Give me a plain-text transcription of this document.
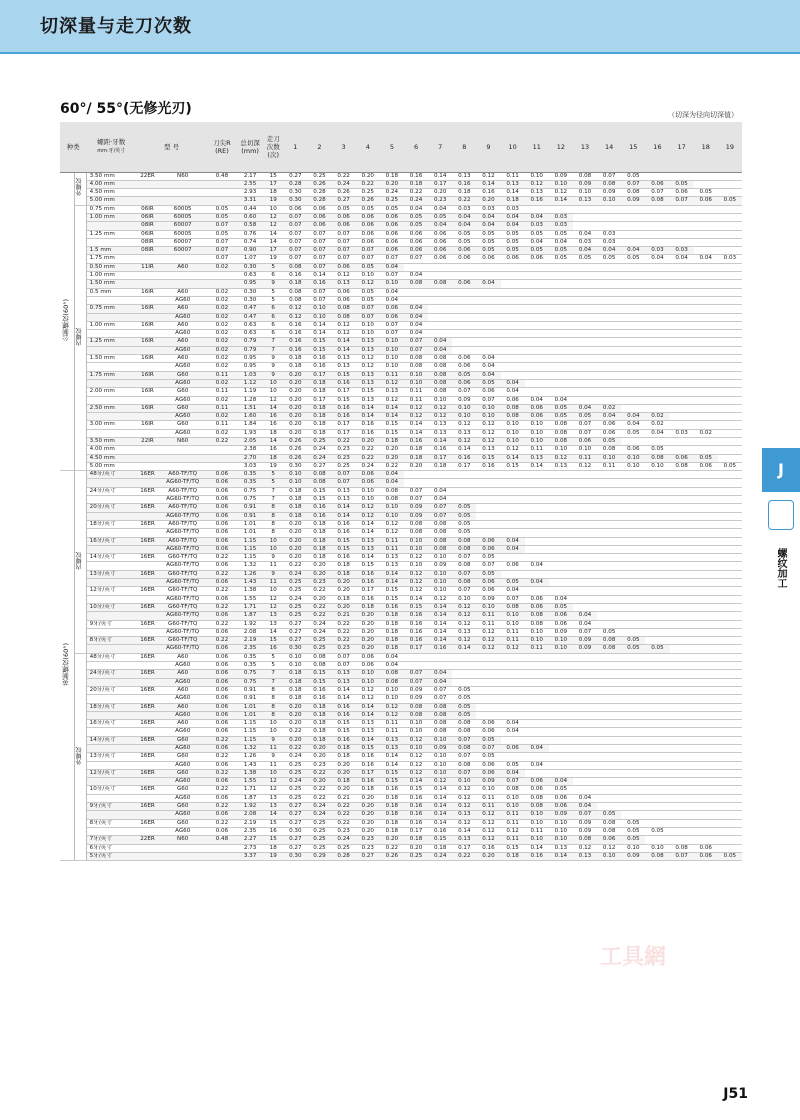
切深量与走刀次数
60°/ 55°(无修光刃)	（切深为径向切深值）
种类		螺距·牙数
mm·牙/英寸	型 号		刀尖R (RE)	总切深 (mm)	走刀次数 (次)	1	2	3	4	5	6	7	8	9	10	11	12	13	14	15	16	17	18	19
公制螺纹(60°)	外螺纹	3.50 mm	22ER	N60	0.48	2.17	15	0.27	0.25	0.22	0.20	0.18	0.16	0.14	0.13	0.12	0.11	0.10	0.09	0.08	0.07	0.05				
		4.00 mm				2.55	17	0.28	0.26	0.24	0.22	0.20	0.18	0.17	0.16	0.14	0.13	0.12	0.10	0.09	0.08	0.07	0.06	0.05		
		4.50 mm				2.93	18	0.30	0.28	0.26	0.25	0.24	0.22	0.20	0.18	0.16	0.14	0.13	0.12	0.10	0.09	0.08	0.07	0.06	0.05	
		5.00 mm				3.31	19	0.30	0.28	0.27	0.26	0.25	0.24	0.23	0.22	0.20	0.18	0.16	0.14	0.13	0.10	0.09	0.08	0.07	0.06	0.05
	内螺纹	0.75 mm	06IR	60005	0.05	0.44	10	0.06	0.06	0.05	0.05	0.05	0.04	0.04	0.03	0.03	0.03									
		1.00 mm	06IR	60005	0.05	0.60	12	0.07	0.06	0.06	0.06	0.06	0.05	0.05	0.04	0.04	0.04	0.04	0.03							
			08IR	60007	0.07	0.58	12	0.07	0.06	0.06	0.06	0.06	0.05	0.04	0.04	0.04	0.04	0.03	0.03							
		1.25 mm	06IR	60005	0.05	0.76	14	0.07	0.07	0.07	0.06	0.06	0.06	0.06	0.05	0.05	0.05	0.05	0.05	0.04	0.03					
			08IR	60007	0.07	0.74	14	0.07	0.07	0.07	0.06	0.06	0.06	0.06	0.05	0.05	0.05	0.04	0.04	0.03	0.03					
		1.5 mm	08IR	60007	0.07	0.90	17	0.07	0.07	0.07	0.07	0.06	0.06	0.06	0.06	0.05	0.05	0.05	0.05	0.04	0.04	0.04	0.03	0.03		
		1.75 mm			0.07	1.07	19	0.07	0.07	0.07	0.07	0.07	0.07	0.06	0.06	0.06	0.06	0.06	0.05	0.05	0.05	0.05	0.04	0.04	0.04	0.03
		0.50 mm	11IR	A60	0.02	0.30	5	0.08	0.07	0.06	0.05	0.04														
		1.00 mm				0.63	6	0.16	0.14	0.12	0.10	0.07	0.04													
		1.50 mm				0.95	9	0.18	0.16	0.13	0.12	0.10	0.08	0.08	0.06	0.04										
		0.5 mm	16IR	A60	0.02	0.30	5	0.08	0.07	0.06	0.05	0.04														
				AG60	0.02	0.30	5	0.08	0.07	0.06	0.05	0.04														
		0.75 mm	16IR	A60	0.02	0.47	6	0.12	0.10	0.08	0.07	0.06	0.04													
				AG60	0.02	0.47	6	0.12	0.10	0.08	0.07	0.06	0.04													
		1.00 mm	16IR	A60	0.02	0.63	6	0.16	0.14	0.12	0.10	0.07	0.04													
				AG60	0.02	0.63	6	0.16	0.14	0.12	0.10	0.07	0.04													
		1.25 mm	16IR	A60	0.02	0.79	7	0.16	0.15	0.14	0.13	0.10	0.07	0.04												
				AG60	0.02	0.79	7	0.16	0.15	0.14	0.13	0.10	0.07	0.04												
		1.50 mm	16IR	A60	0.02	0.95	9	0.18	0.16	0.13	0.12	0.10	0.08	0.08	0.06	0.04										
				AG60	0.02	0.95	9	0.18	0.16	0.13	0.12	0.10	0.08	0.08	0.06	0.04										
		1.75 mm	16IR	G60	0.11	1.03	9	0.20	0.17	0.15	0.13	0.11	0.10	0.08	0.05	0.04										
				AG60	0.02	1.12	10	0.20	0.18	0.16	0.13	0.12	0.10	0.08	0.06	0.05	0.04									
		2.00 mm	16IR	G60	0.11	1.19	10	0.20	0.18	0.17	0.15	0.13	0.11	0.08	0.07	0.06	0.04									
				AG60	0.02	1.28	12	0.20	0.17	0.15	0.13	0.12	0.11	0.10	0.09	0.07	0.06	0.04	0.04							
		2.50 mm	16IR	G60	0.11	1.51	14	0.20	0.18	0.16	0.14	0.14	0.12	0.12	0.10	0.10	0.08	0.06	0.05	0.04	0.02					
				AG60	0.02	1.60	16	0.20	0.18	0.16	0.14	0.14	0.12	0.12	0.10	0.10	0.08	0.06	0.05	0.05	0.04	0.04	0.02			
		3.00 mm	16IR	G60	0.11	1.84	16	0.20	0.18	0.17	0.16	0.15	0.14	0.13	0.12	0.12	0.10	0.10	0.08	0.07	0.06	0.04	0.02			
				AG60	0.02	1.93	18	0.20	0.18	0.17	0.16	0.15	0.14	0.13	0.13	0.12	0.10	0.10	0.08	0.07	0.06	0.05	0.04	0.03	0.02	
		3.50 mm	22IR	N60	0.22	2.05	14	0.26	0.25	0.22	0.20	0.18	0.16	0.14	0.12	0.12	0.10	0.10	0.08	0.06	0.05					
		4.00 mm				2.38	16	0.26	0.24	0.23	0.22	0.20	0.18	0.16	0.14	0.13	0.12	0.11	0.10	0.10	0.08	0.06	0.05			
		4.50 mm				2.70	18	0.26	0.24	0.23	0.22	0.20	0.18	0.17	0.16	0.15	0.14	0.13	0.12	0.11	0.10	0.10	0.08	0.06	0.05	
		5.00 mm				3.03	19	0.30	0.27	0.25	0.24	0.22	0.20	0.18	0.17	0.16	0.15	0.14	0.13	0.12	0.11	0.10	0.10	0.08	0.06	0.05
英制螺纹(60°)	内螺纹	48牙/英寸	16ER	A60-TF/TQ	0.06	0.35	5	0.10	0.08	0.07	0.06	0.04														
				AG60-TF/TQ	0.06	0.35	5	0.10	0.08	0.07	0.06	0.04														
		24牙/英寸	16ER	A60-TF/TQ	0.06	0.75	7	0.18	0.15	0.13	0.10	0.08	0.07	0.04												
				AG60-TF/TQ	0.06	0.75	7	0.18	0.15	0.13	0.10	0.08	0.07	0.04												
		20牙/英寸	16ER	A60-TF/TQ	0.06	0.91	8	0.18	0.16	0.14	0.12	0.10	0.09	0.07	0.05											
				AG60-TF/TQ	0.06	0.91	8	0.18	0.16	0.14	0.12	0.10	0.09	0.07	0.05											
		18牙/英寸	16ER	A60-TF/TQ	0.06	1.01	8	0.20	0.18	0.16	0.14	0.12	0.08	0.08	0.05											
				AG60-TF/TQ	0.06	1.01	8	0.20	0.18	0.16	0.14	0.12	0.08	0.08	0.05											
		16牙/英寸	16ER	A60-TF/TQ	0.06	1.15	10	0.20	0.18	0.15	0.13	0.11	0.10	0.08	0.08	0.06	0.04									
				AG60-TF/TQ	0.06	1.15	10	0.20	0.18	0.15	0.13	0.11	0.10	0.08	0.08	0.06	0.04									
		14牙/英寸	16ER	G60-TF/TQ	0.22	1.15	9	0.20	0.18	0.16	0.14	0.13	0.12	0.10	0.07	0.05										
				AG60-TF/TQ	0.06	1.32	11	0.22	0.20	0.18	0.15	0.13	0.10	0.09	0.08	0.07	0.06	0.04								
		13牙/英寸	16ER	G60-TF/TQ	0.22	1.26	9	0.24	0.20	0.18	0.16	0.14	0.12	0.10	0.07	0.05										
				AG60-TF/TQ	0.06	1.43	11	0.25	0.23	0.20	0.16	0.14	0.12	0.10	0.08	0.06	0.05	0.04								
		12牙/英寸	16ER	G60-TF/TQ	0.22	1.38	10	0.25	0.22	0.20	0.17	0.15	0.12	0.10	0.07	0.06	0.04									
				AG60-TF/TQ	0.06	1.55	12	0.24	0.20	0.18	0.16	0.15	0.14	0.12	0.10	0.09	0.07	0.06	0.04							
		10牙/英寸	16ER	G60-TF/TQ	0.22	1.71	12	0.25	0.22	0.20	0.18	0.16	0.15	0.14	0.12	0.10	0.08	0.06	0.05							
				AG60-TF/TQ	0.06	1.87	13	0.25	0.22	0.21	0.20	0.18	0.16	0.14	0.12	0.11	0.10	0.08	0.06	0.04						
		9牙/英寸	16ER	G60-TF/TQ	0.22	1.92	13	0.27	0.24	0.22	0.20	0.18	0.16	0.14	0.12	0.11	0.10	0.08	0.06	0.04						
				AG60-TF/TQ	0.06	2.08	14	0.27	0.24	0.22	0.20	0.18	0.16	0.14	0.13	0.12	0.11	0.10	0.09	0.07	0.05					
		8牙/英寸	16ER	G60-TF/TQ	0.22	2.19	15	0.27	0.25	0.22	0.20	0.18	0.16	0.14	0.12	0.12	0.11	0.10	0.10	0.09	0.08	0.05				
				AG60-TF/TQ	0.06	2.35	16	0.30	0.25	0.23	0.20	0.18	0.17	0.16	0.14	0.12	0.12	0.11	0.10	0.09	0.08	0.05	0.05			
	外螺纹	48牙/英寸	16ER	A60	0.06	0.35	5	0.10	0.08	0.07	0.06	0.04														
				AG60	0.06	0.35	5	0.10	0.08	0.07	0.06	0.04														
		24牙/英寸	16ER	A60	0.06	0.75	7	0.18	0.15	0.13	0.10	0.08	0.07	0.04												
				AG60	0.06	0.75	7	0.18	0.15	0.13	0.10	0.08	0.07	0.04												
		20牙/英寸	16ER	A60	0.06	0.91	8	0.18	0.16	0.14	0.12	0.10	0.09	0.07	0.05											
				AG60	0.06	0.91	8	0.18	0.16	0.14	0.12	0.10	0.09	0.07	0.05											
		18牙/英寸	16ER	A60	0.06	1.01	8	0.20	0.18	0.16	0.14	0.12	0.08	0.08	0.05											
				AG60	0.06	1.01	8	0.20	0.18	0.16	0.14	0.12	0.08	0.08	0.05											
		16牙/英寸	16ER	A60	0.06	1.15	10	0.20	0.18	0.15	0.13	0.11	0.10	0.08	0.08	0.06	0.04									
				AG60	0.06	1.15	10	0.22	0.18	0.15	0.13	0.11	0.10	0.08	0.08	0.06	0.04									
		14牙/英寸	16ER	G60	0.22	1.15	9	0.20	0.18	0.16	0.14	0.13	0.12	0.10	0.07	0.05										
				AG60	0.06	1.32	11	0.22	0.20	0.18	0.15	0.13	0.10	0.09	0.08	0.07	0.06	0.04								
		13牙/英寸	16ER	G60	0.22	1.26	9	0.24	0.20	0.18	0.16	0.14	0.12	0.10	0.07	0.05										
				AG60	0.06	1.43	11	0.25	0.23	0.20	0.16	0.14	0.12	0.10	0.08	0.06	0.05	0.04								
		12牙/英寸	16ER	G60	0.22	1.38	10	0.25	0.22	0.20	0.17	0.15	0.12	0.10	0.07	0.06	0.04									
				AG60	0.06	1.55	12	0.24	0.20	0.18	0.16	0.15	0.14	0.12	0.10	0.09	0.07	0.06	0.04							
		10牙/英寸	16ER	G60	0.22	1.71	12	0.25	0.22	0.20	0.18	0.16	0.15	0.14	0.12	0.10	0.08	0.06	0.05							
				AG60	0.06	1.87	13	0.25	0.22	0.21	0.20	0.18	0.16	0.14	0.12	0.11	0.10	0.08	0.06	0.04						
		9牙/英寸	16ER	G60	0.22	1.92	13	0.27	0.24	0.22	0.20	0.18	0.16	0.14	0.12	0.11	0.10	0.08	0.06	0.04						
				AG60	0.06	2.08	14	0.27	0.24	0.22	0.20	0.18	0.16	0.14	0.13	0.12	0.11	0.10	0.09	0.07	0.05					
		8牙/英寸	16ER	G60	0.22	2.19	15	0.27	0.25	0.22	0.20	0.18	0.16	0.14	0.12	0.12	0.11	0.10	0.10	0.09	0.08	0.05				
				AG60	0.06	2.35	16	0.30	0.25	0.23	0.20	0.18	0.17	0.16	0.14	0.12	0.12	0.11	0.10	0.09	0.08	0.05	0.05			
		7牙/英寸	22ER	N60	0.48	2.27	15	0.27	0.25	0.24	0.23	0.20	0.18	0.15	0.13	0.12	0.11	0.10	0.10	0.08	0.06	0.05				
		6牙/英寸				2.73	18	0.27	0.25	0.25	0.23	0.22	0.20	0.18	0.17	0.16	0.15	0.14	0.13	0.12	0.12	0.10	0.10	0.08	0.06	
		5牙/英寸				3.37	19	0.30	0.29	0.28	0.27	0.26	0.25	0.24	0.22	0.20	0.18	0.16	0.14	0.13	0.10	0.09	0.08	0.07	0.06	0.05
J
螺纹加工
工具網
J51
